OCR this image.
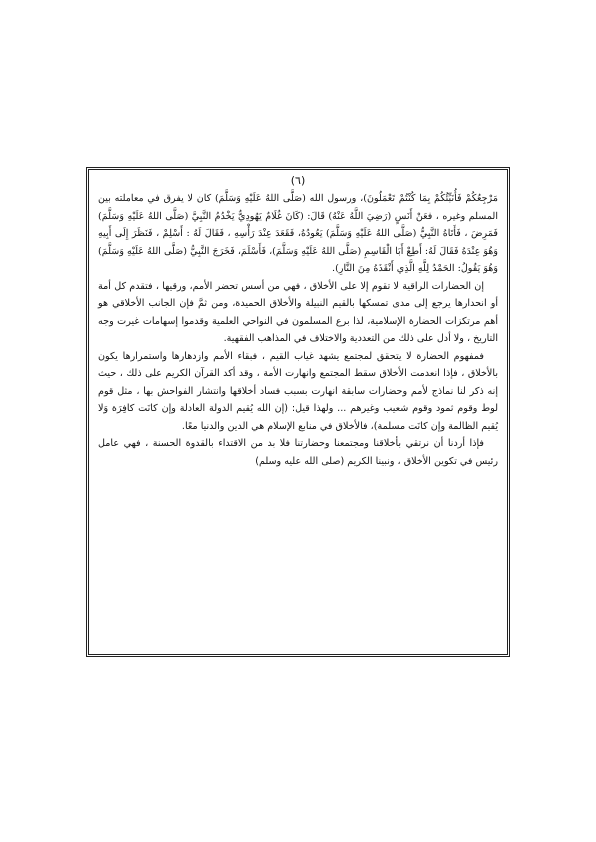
(٦)

مَرْجِعُكُمْ فَأُنَبِّئُكُمْ بِمَا كُنْتُمْ تَعْمَلُونَ)، ورسول الله (صَلَّى اللهُ عَلَيْهِ وَسَلَّمَ) كان لا يفرق في معاملته بين المسلم وغيره ، فعَنْ أَنَسٍ (رَضِيَ اللَّهُ عَنْهُ) قَالَ: (كَانَ غُلَامٌ يَهُودِيٌّ يَخْدُمُ النَّبِيَّ (صَلَّى اللهُ عَلَيْهِ وَسَلَّمَ) فَمَرِضَ ، فَأَتَاهُ النَّبِيُّ (صَلَّى اللهُ عَلَيْهِ وَسَلَّمَ) يَعُودُهُ، فَقَعَدَ عِنْدَ رَأْسِهِ ، فَقَالَ لَهُ : أَسْلِمْ ، فَنَظَرَ إِلَى أَبِيهِ وَهُوَ عِنْدَهُ فَقَالَ لَهُ: أَطِعْ أَبَا الْقَاسِمِ (صَلَّى اللهُ عَلَيْهِ وَسَلَّمَ)، فَأَسْلَمَ، فَخَرَجَ النَّبِيُّ (صَلَّى اللهُ عَلَيْهِ وَسَلَّمَ) وَهُوَ يَقُولُ: الحَمْدُ لِلَّهِ الَّذِي أَنْقَذَهُ مِنَ النَّارِ).

إن الحضارات الراقية لا تقوم إلا على الأخلاق ، فهي من أسس تحضر الأمم، ورقيها ، فتقدم كل أمة أو انحدارها يرجع إلى مدى تمسكها بالقيم النبيلة والأخلاق الحميدة، ومن ثمَّ فإن الجانب الأخلاقي هو أهم مرتكزات الحضارة الإسلامية، لذا برع المسلمون في النواحي العلمية وقدموا إسهامات غيرت وجه التاريخ ، ولا أدل على ذلك من التعددية والاختلاف في المذاهب الفقهية.

فمفهوم الحضارة لا يتحقق لمجتمع يشهد غياب القيم ، فبقاء الأمم وازدهارها واستمرارها يكون بالأخلاق ، فإذا انعدمت الأخلاق سقط المجتمع وانهارت الأمة ، وقد أكد القرآن الكريم على ذلك ، حيث إنه ذكر لنا نماذج لأمم وحضارات سابقة انهارت بسبب فساد أخلاقها وانتشار الفواحش بها ، مثل قوم لوط وقوم ثمود وقوم شعيب وغيرهم ... ولهذا قيل: (إن الله يُقيم الدولة العادلة وإن كانَت كافِرَة وَلا يُقيم الظالمة وإن كانَت مسلمة)، فالأخلاق في منابع الإسلام هي الدين والدنيا معًا.

فإذا أردنا أن نرتقي بأخلاقنا ومجتمعنا وحضارتنا فلا بد من الاقتداء بالقدوة الحسنة ، فهي عامل رئيس في تكوين الأخلاق ، ونبينا الكريم (صلى الله عليه وسلم)
